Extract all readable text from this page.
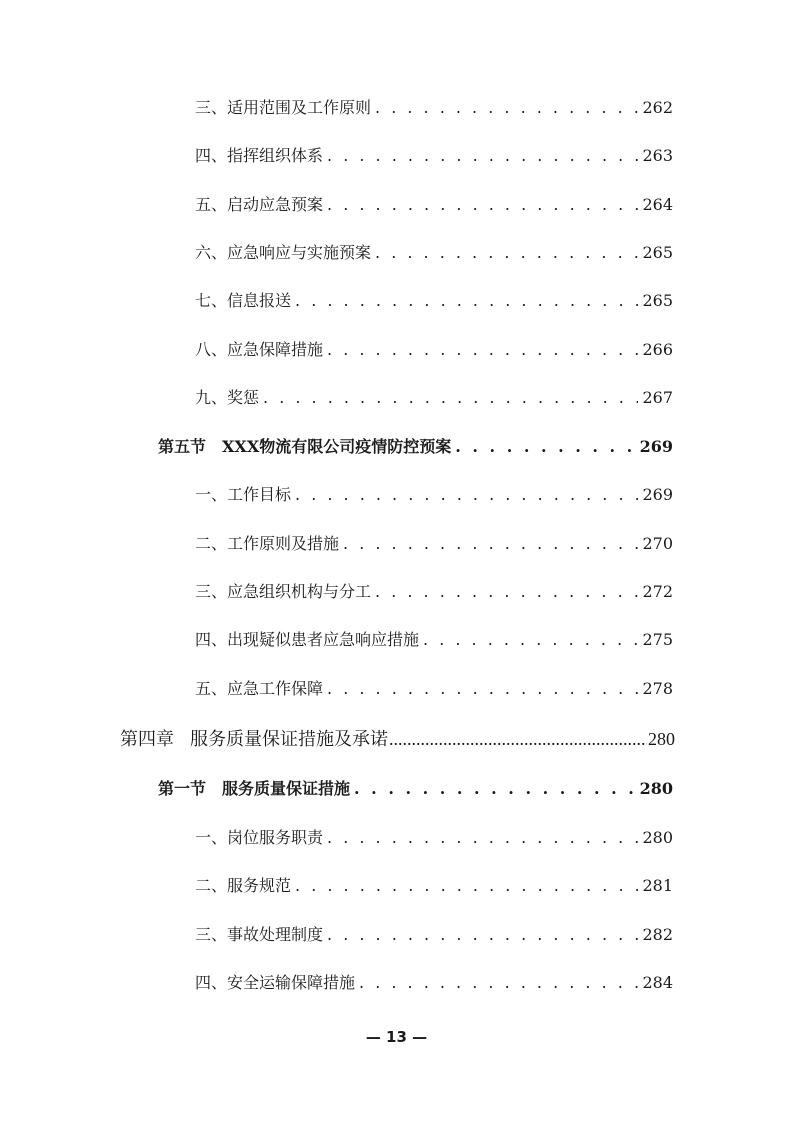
三、适用范围及工作原则 . . .	262
四、指挥组织体系 . . .	263
五、启动应急预案 . . .	264
六、应急响应与实施预案 . . .	265
七、信息报送 . . .	265
八、应急保障措施 . . .	266
九、奖惩 . . .	267
第五节 XXX物流有限公司疫情防控预案 . . .	269
一、工作目标 . . .	269
二、工作原则及措施 . . .	270
三、应急组织机构与分工 . . .	272
四、出现疑似患者应急响应措施 . . .	275
五、应急工作保障 . . .	278
第四章 服务质量保证措施及承诺 .....	280
第一节 服务质量保证措施 . . .	280
一、岗位服务职责 . . .	280
二、服务规范 . . .	281
三、事故处理制度 . . .	282
四、安全运输保障措施 . . .	284
— 13 —
